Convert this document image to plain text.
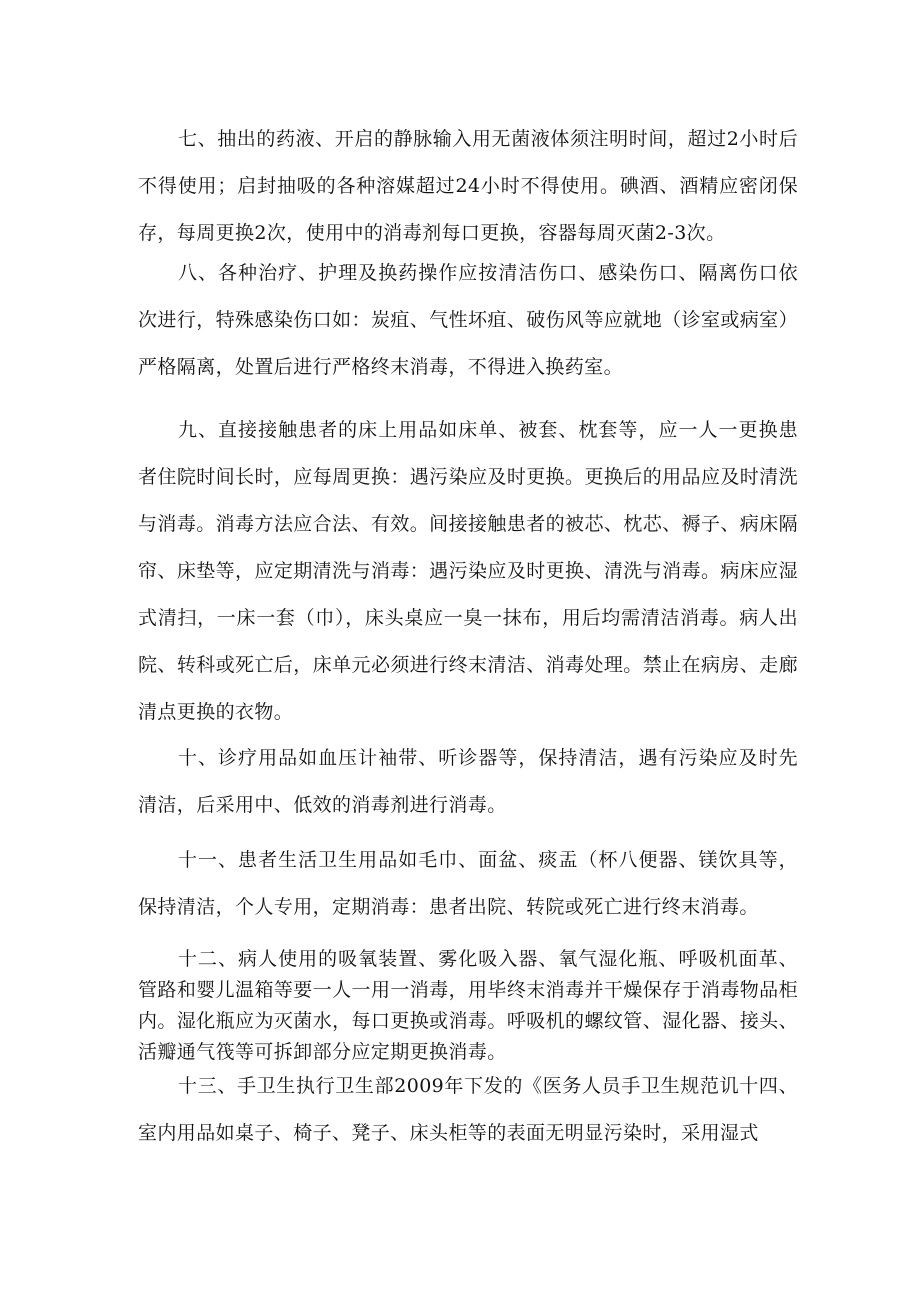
七、抽出的药液、开启的静脉输入用无菌液体须注明时间，超过2小时后不得使用；启封抽吸的各种溶媒超过24小时不得使用。碘酒、酒精应密闭保存，每周更换2次，使用中的消毒剂每口更换，容器每周灭菌2-3次。

八、各种治疗、护理及换药操作应按清洁伤口、感染伤口、隔离伤口依次进行，特殊感染伤口如：炭疽、气性坏疽、破伤风等应就地（诊室或病室）严格隔离，处置后进行严格终末消毒，不得进入换药室。

九、直接接触患者的床上用品如床单、被套、枕套等，应一人一更换患者住院时间长时，应每周更换：遇污染应及时更换。更换后的用品应及时清洗与消毒。消毒方法应合法、有效。间接接触患者的被芯、枕芯、褥子、病床隔帘、床垫等，应定期清洗与消毒：遇污染应及时更换、清洗与消毒。病床应湿式清扫，一床一套（巾），床头桌应一臭一抹布，用后均需清洁消毒。病人出院、转科或死亡后，床单元必须进行终末清洁、消毒处理。禁止在病房、走廊清点更换的衣物。

十、诊疗用品如血压计袖带、听诊器等，保持清洁，遇有污染应及时先清洁，后采用中、低效的消毒剂进行消毒。

十一、患者生活卫生用品如毛巾、面盆、痰盂（杯八便器、镁饮具等，保持清洁，个人专用，定期消毒：患者出院、转院或死亡进行终末消毒。

十二、病人使用的吸氧装置、雾化吸入器、氧气湿化瓶、呼吸机面革、管路和婴儿温箱等要一人一用一消毒，用毕终末消毒并干燥保存于消毒物品柜内。湿化瓶应为灭菌水，每口更换或消毒。呼吸机的螺纹管、湿化器、接头、活瓣通气筏等可拆卸部分应定期更换消毒。

十三、手卫生执行卫生部2009年下发的《医务人员手卫生规范讥十四、室内用品如桌子、椅子、凳子、床头柜等的表面无明显污染时，采用湿式
